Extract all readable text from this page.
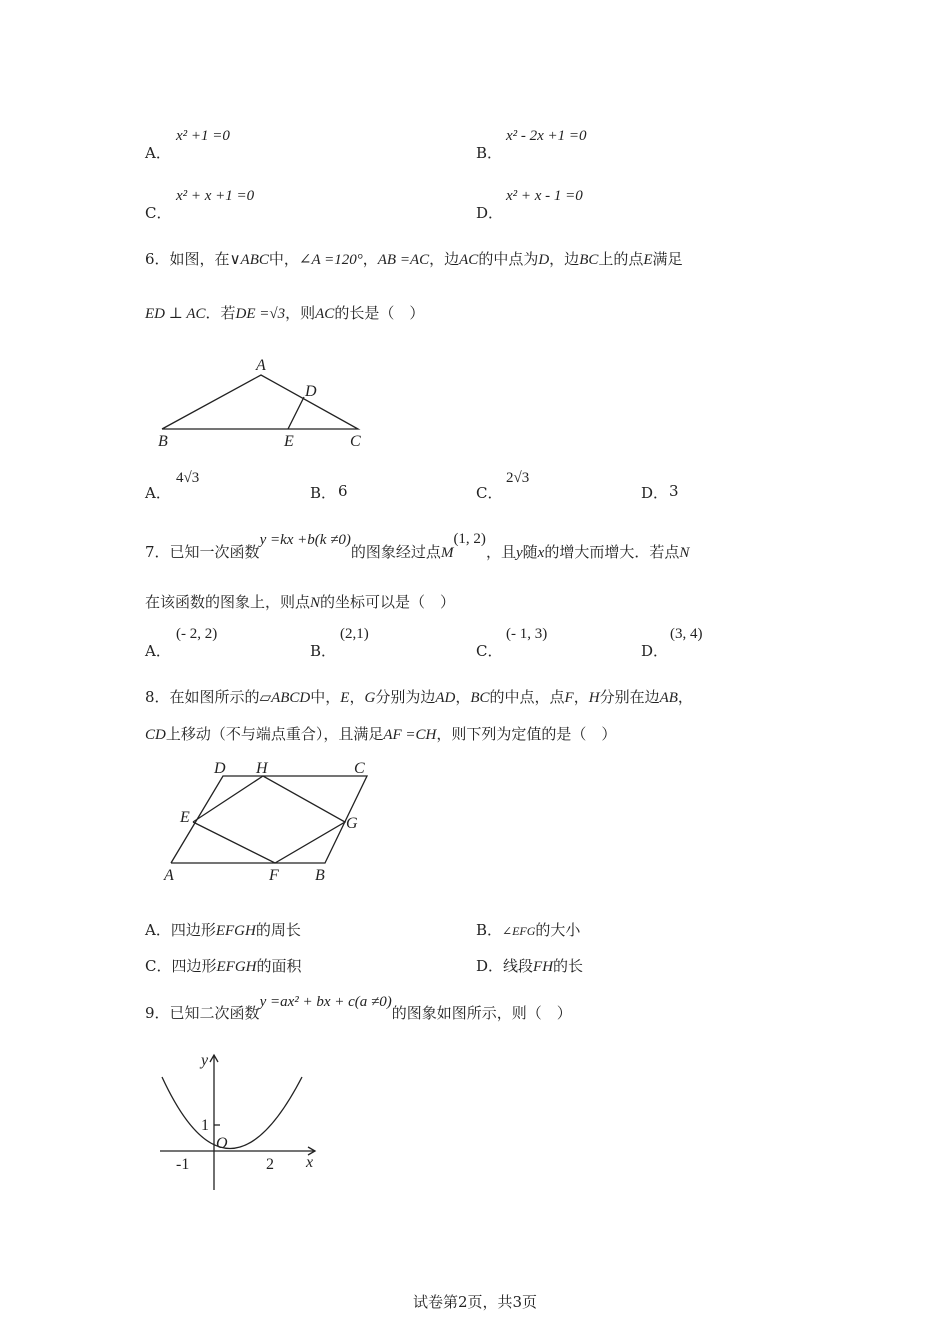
A．
x² +1 =0
B．
x² - 2x +1 =0
C．
x² + x +1 =0
D．
x² + x - 1 =0
6．如图，在∨ABC中，∠A =120°，AB =AC，边AC的中点为D，边BC上的点E满足
ED ⊥ AC．若DE =√3，则AC的长是（　）
A
B	C
D
E
A．
4√3
B． 6	C．
2√3
D． 3
7．已知一次函数y =kx +b(k ≠0)的图象经过点M(1, 2)，且y随x的增大而增大．若点N
在该函数的图象上，则点N的坐标可以是（　）
A．
(- 2, 2)
B．
(2,1)
C．
(- 1, 3)
D．
(3, 4)
8．在如图所示的▱ABCD中，E，G分别为边AD，BC的中点，点F，H分别在边AB，
CD上移动（不与端点重合），且满足AF =CH，则下列为定值的是（　）
D H	C
E	G
A	F B
A．四边形EFGH的周长	B．∠EFG的大小
C．四边形EFGH的面积	D．线段FH的长
9．已知二次函数y =ax² + bx + c(a ≠0)的图象如图所示，则（　）
y
x
O
1
-1	2
试卷第2页，共3页
